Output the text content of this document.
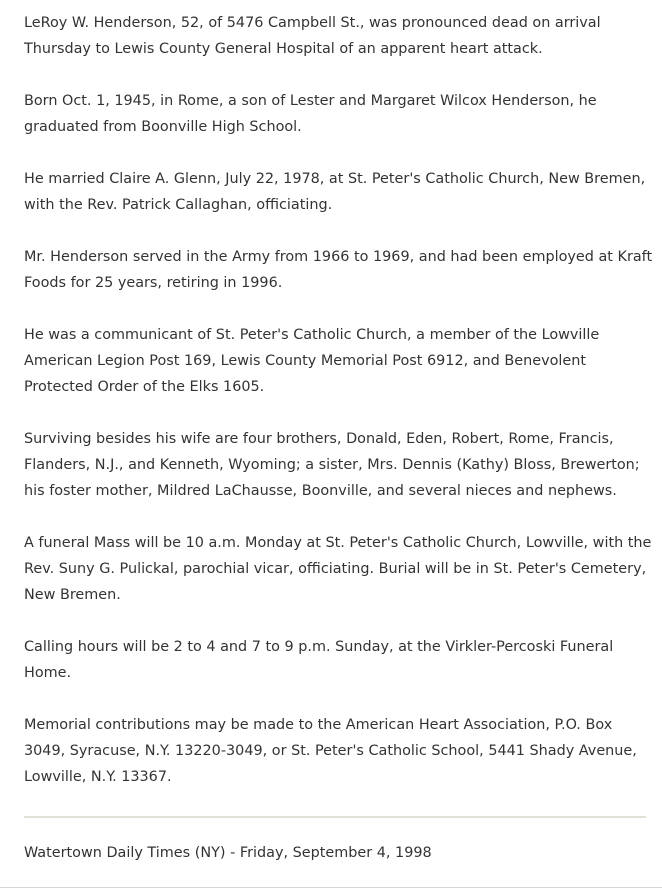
LeRoy W. Henderson, 52, of 5476 Campbell St., was pronounced dead on arrival Thursday to Lewis County General Hospital of an apparent heart attack.

Born Oct. 1, 1945, in Rome, a son of Lester and Margaret Wilcox Henderson, he graduated from Boonville High School.

He married Claire A. Glenn, July 22, 1978, at St. Peter's Catholic Church, New Bremen, with the Rev. Patrick Callaghan, officiating.

Mr. Henderson served in the Army from 1966 to 1969, and had been employed at Kraft Foods for 25 years, retiring in 1996.

He was a communicant of St. Peter's Catholic Church, a member of the Lowville American Legion Post 169, Lewis County Memorial Post 6912, and Benevolent Protected Order of the Elks 1605.

Surviving besides his wife are four brothers, Donald, Eden, Robert, Rome, Francis, Flanders, N.J., and Kenneth, Wyoming; a sister, Mrs. Dennis (Kathy) Bloss, Brewerton; his foster mother, Mildred LaChausse, Boonville, and several nieces and nephews.

A funeral Mass will be 10 a.m. Monday at St. Peter's Catholic Church, Lowville, with the Rev. Suny G. Pulickal, parochial vicar, officiating. Burial will be in St. Peter's Cemetery, New Bremen.

Calling hours will be 2 to 4 and 7 to 9 p.m. Sunday, at the Virkler-Percoski Funeral Home.

Memorial contributions may be made to the American Heart Association, P.O. Box 3049, Syracuse, N.Y. 13220-3049, or St. Peter's Catholic School, 5441 Shady Avenue, Lowville, N.Y. 13367.

Watertown Daily Times (NY) - Friday, September 4, 1998
